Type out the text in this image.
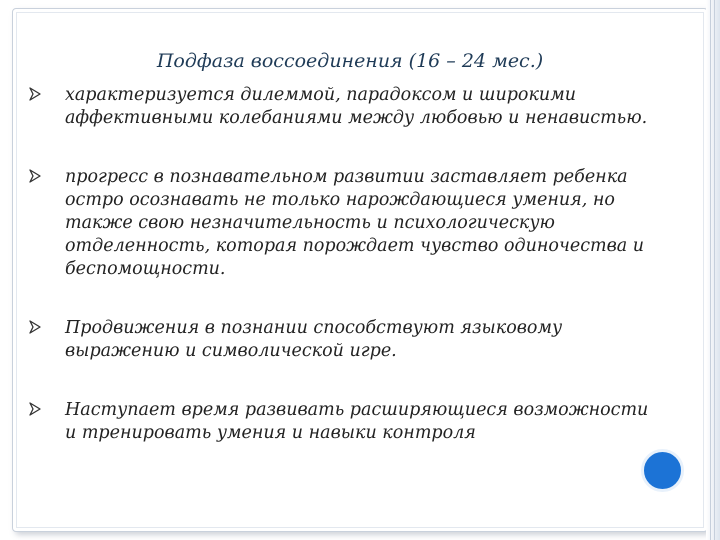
Подфаза воссоединения (16 – 24 мес.)
характеризуется дилеммой, парадоксом и широкими аффективными колебаниями между любовью и ненавистью.
прогресс в познавательном развитии заставляет ребенка остро осознавать не только нарождающиеся умения, но также свою незначительность и психологическую отделенность, которая порождает чувство одиночества и беспомощности.
Продвижения в познании способствуют языковому выражению и символической игре.
Наступает время развивать расширяющиеся возможности и тренировать умения и навыки контроля
